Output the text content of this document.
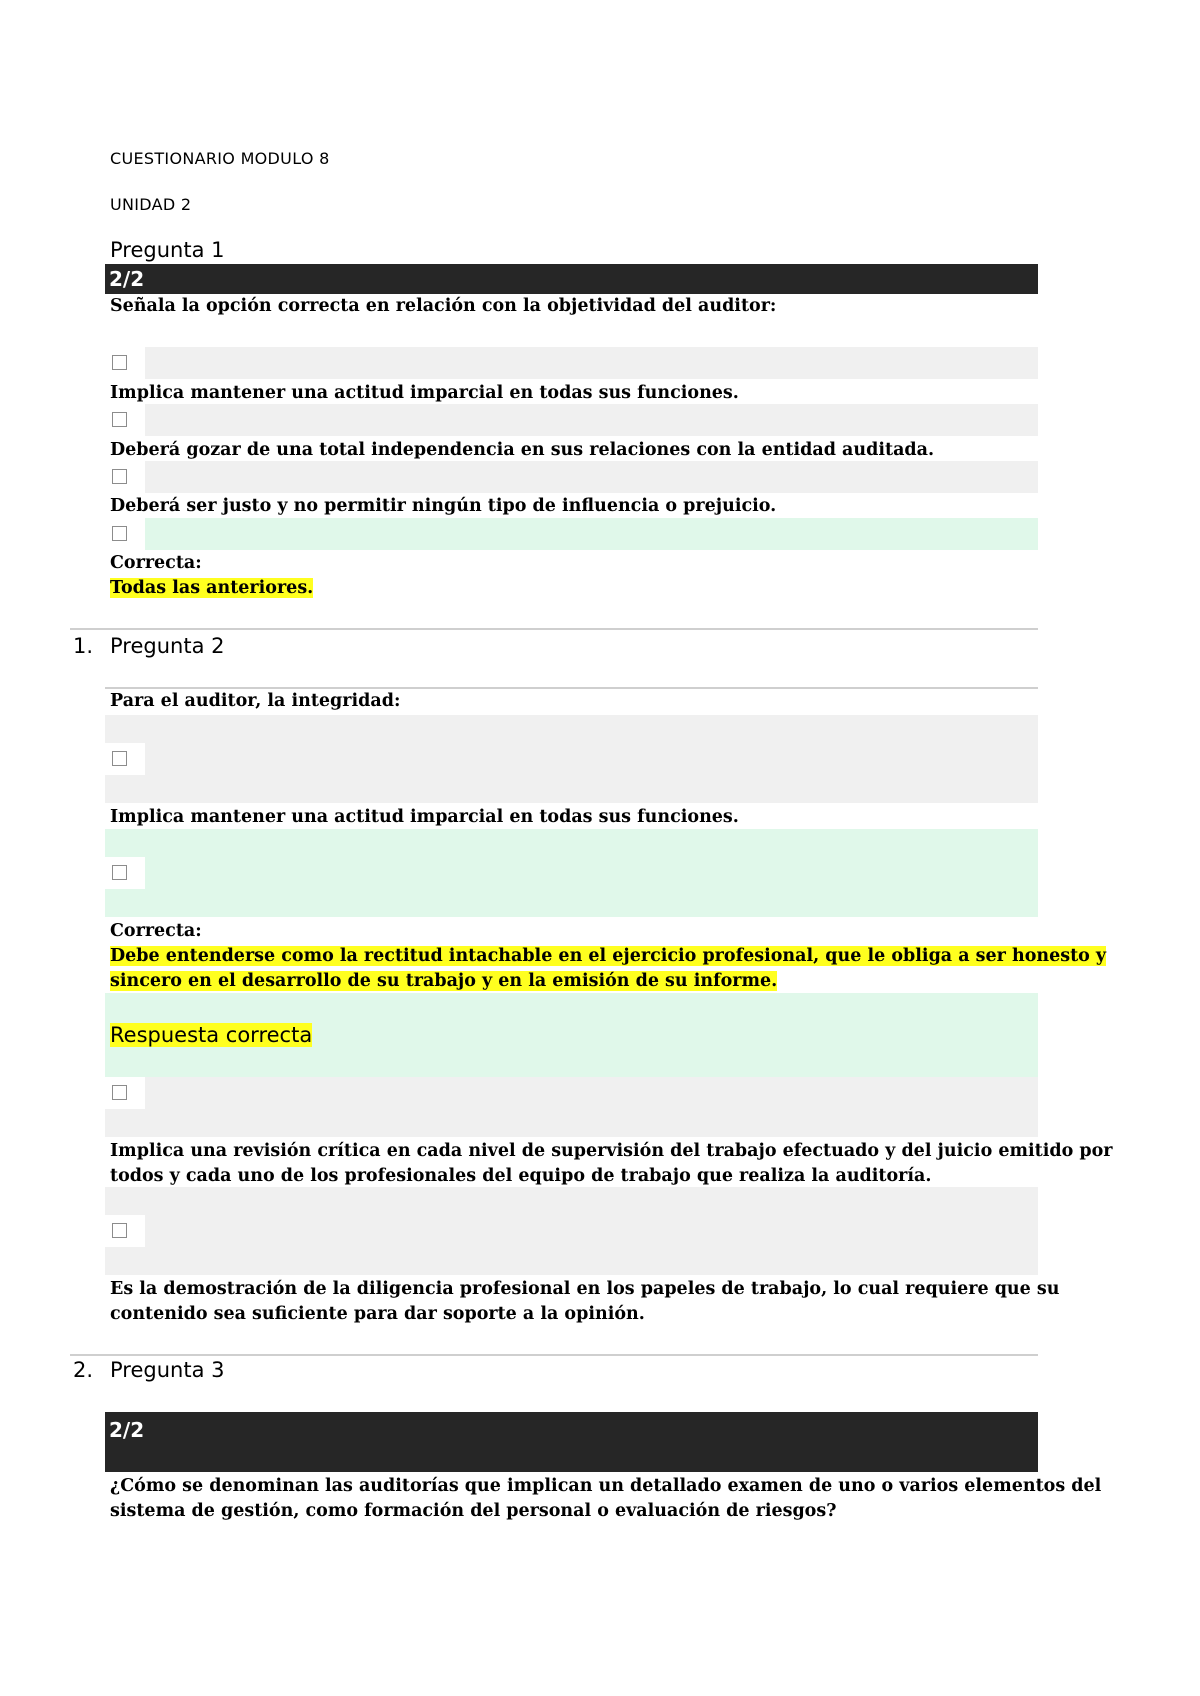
CUESTIONARIO MODULO 8
UNIDAD 2
Pregunta 1
2/2
Señala la opción correcta en relación con la objetividad del auditor:
Implica mantener una actitud imparcial en todas sus funciones.
Deberá gozar de una total independencia en sus relaciones con la entidad auditada.
Deberá ser justo y no permitir ningún tipo de influencia o prejuicio.
Correcta:
Todas las anteriores.
1. Pregunta 2
Para el auditor, la integridad:
Implica mantener una actitud imparcial en todas sus funciones.
Correcta:
Debe entenderse como la rectitud intachable en el ejercicio profesional, que le obliga a ser honesto y
sincero en el desarrollo de su trabajo y en la emisión de su informe.
Respuesta correcta
Implica una revisión crítica en cada nivel de supervisión del trabajo efectuado y del juicio emitido por
todos y cada uno de los profesionales del equipo de trabajo que realiza la auditoría.
Es la demostración de la diligencia profesional en los papeles de trabajo, lo cual requiere que su
contenido sea suficiente para dar soporte a la opinión.
2. Pregunta 3
2/2
¿Cómo se denominan las auditorías que implican un detallado examen de uno o varios elementos del
sistema de gestión, como formación del personal o evaluación de riesgos?
